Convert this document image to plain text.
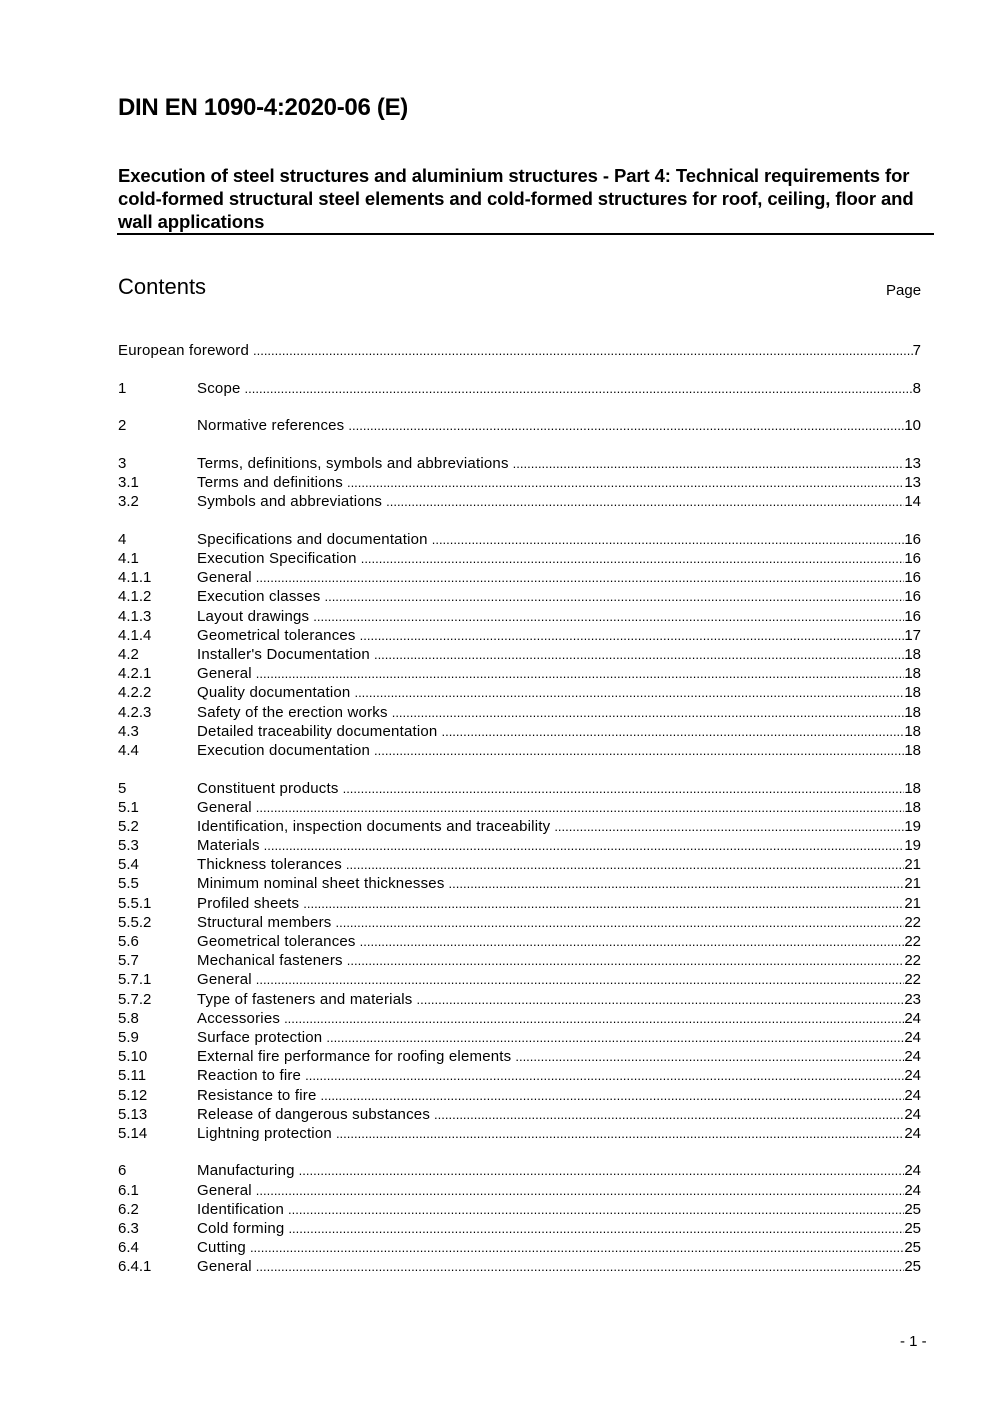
DIN EN 1090-4:2020-06 (E)

Execution of steel structures and aluminium structures - Part 4: Technical requirements for cold-formed structural steel elements and cold-formed structures for roof, ceiling, floor and wall applications

Contents	Page
European foreword .....	7
1	Scope .....	8
2	Normative references .....	10
3	Terms, definitions, symbols and abbreviations .....	13
3.1	Terms and definitions .....	13
3.2	Symbols and abbreviations .....	14
4	Specifications and documentation .....	16
4.1	Execution Specification .....	16
4.1.1	General .....	16
4.1.2	Execution classes .....	16
4.1.3	Layout drawings .....	16
4.1.4	Geometrical tolerances .....	17
4.2	Installer's Documentation .....	18
4.2.1	General .....	18
4.2.2	Quality documentation .....	18
4.2.3	Safety of the erection works .....	18
4.3	Detailed traceability documentation .....	18
4.4	Execution documentation .....	18
5	Constituent products .....	18
5.1	General .....	18
5.2	Identification, inspection documents and traceability .....	19
5.3	Materials .....	19
5.4	Thickness tolerances .....	21
5.5	Minimum nominal sheet thicknesses .....	21
5.5.1	Profiled sheets .....	21
5.5.2	Structural members .....	22
5.6	Geometrical tolerances .....	22
5.7	Mechanical fasteners .....	22
5.7.1	General .....	22
5.7.2	Type of fasteners and materials .....	23
5.8	Accessories .....	24
5.9	Surface protection .....	24
5.10	External fire performance for roofing elements .....	24
5.11	Reaction to fire .....	24
5.12	Resistance to fire .....	24
5.13	Release of dangerous substances .....	24
5.14	Lightning protection .....	24
6	Manufacturing .....	24
6.1	General .....	24
6.2	Identification .....	25
6.3	Cold forming .....	25
6.4	Cutting .....	25
6.4.1	General .....	25
- 1 -
